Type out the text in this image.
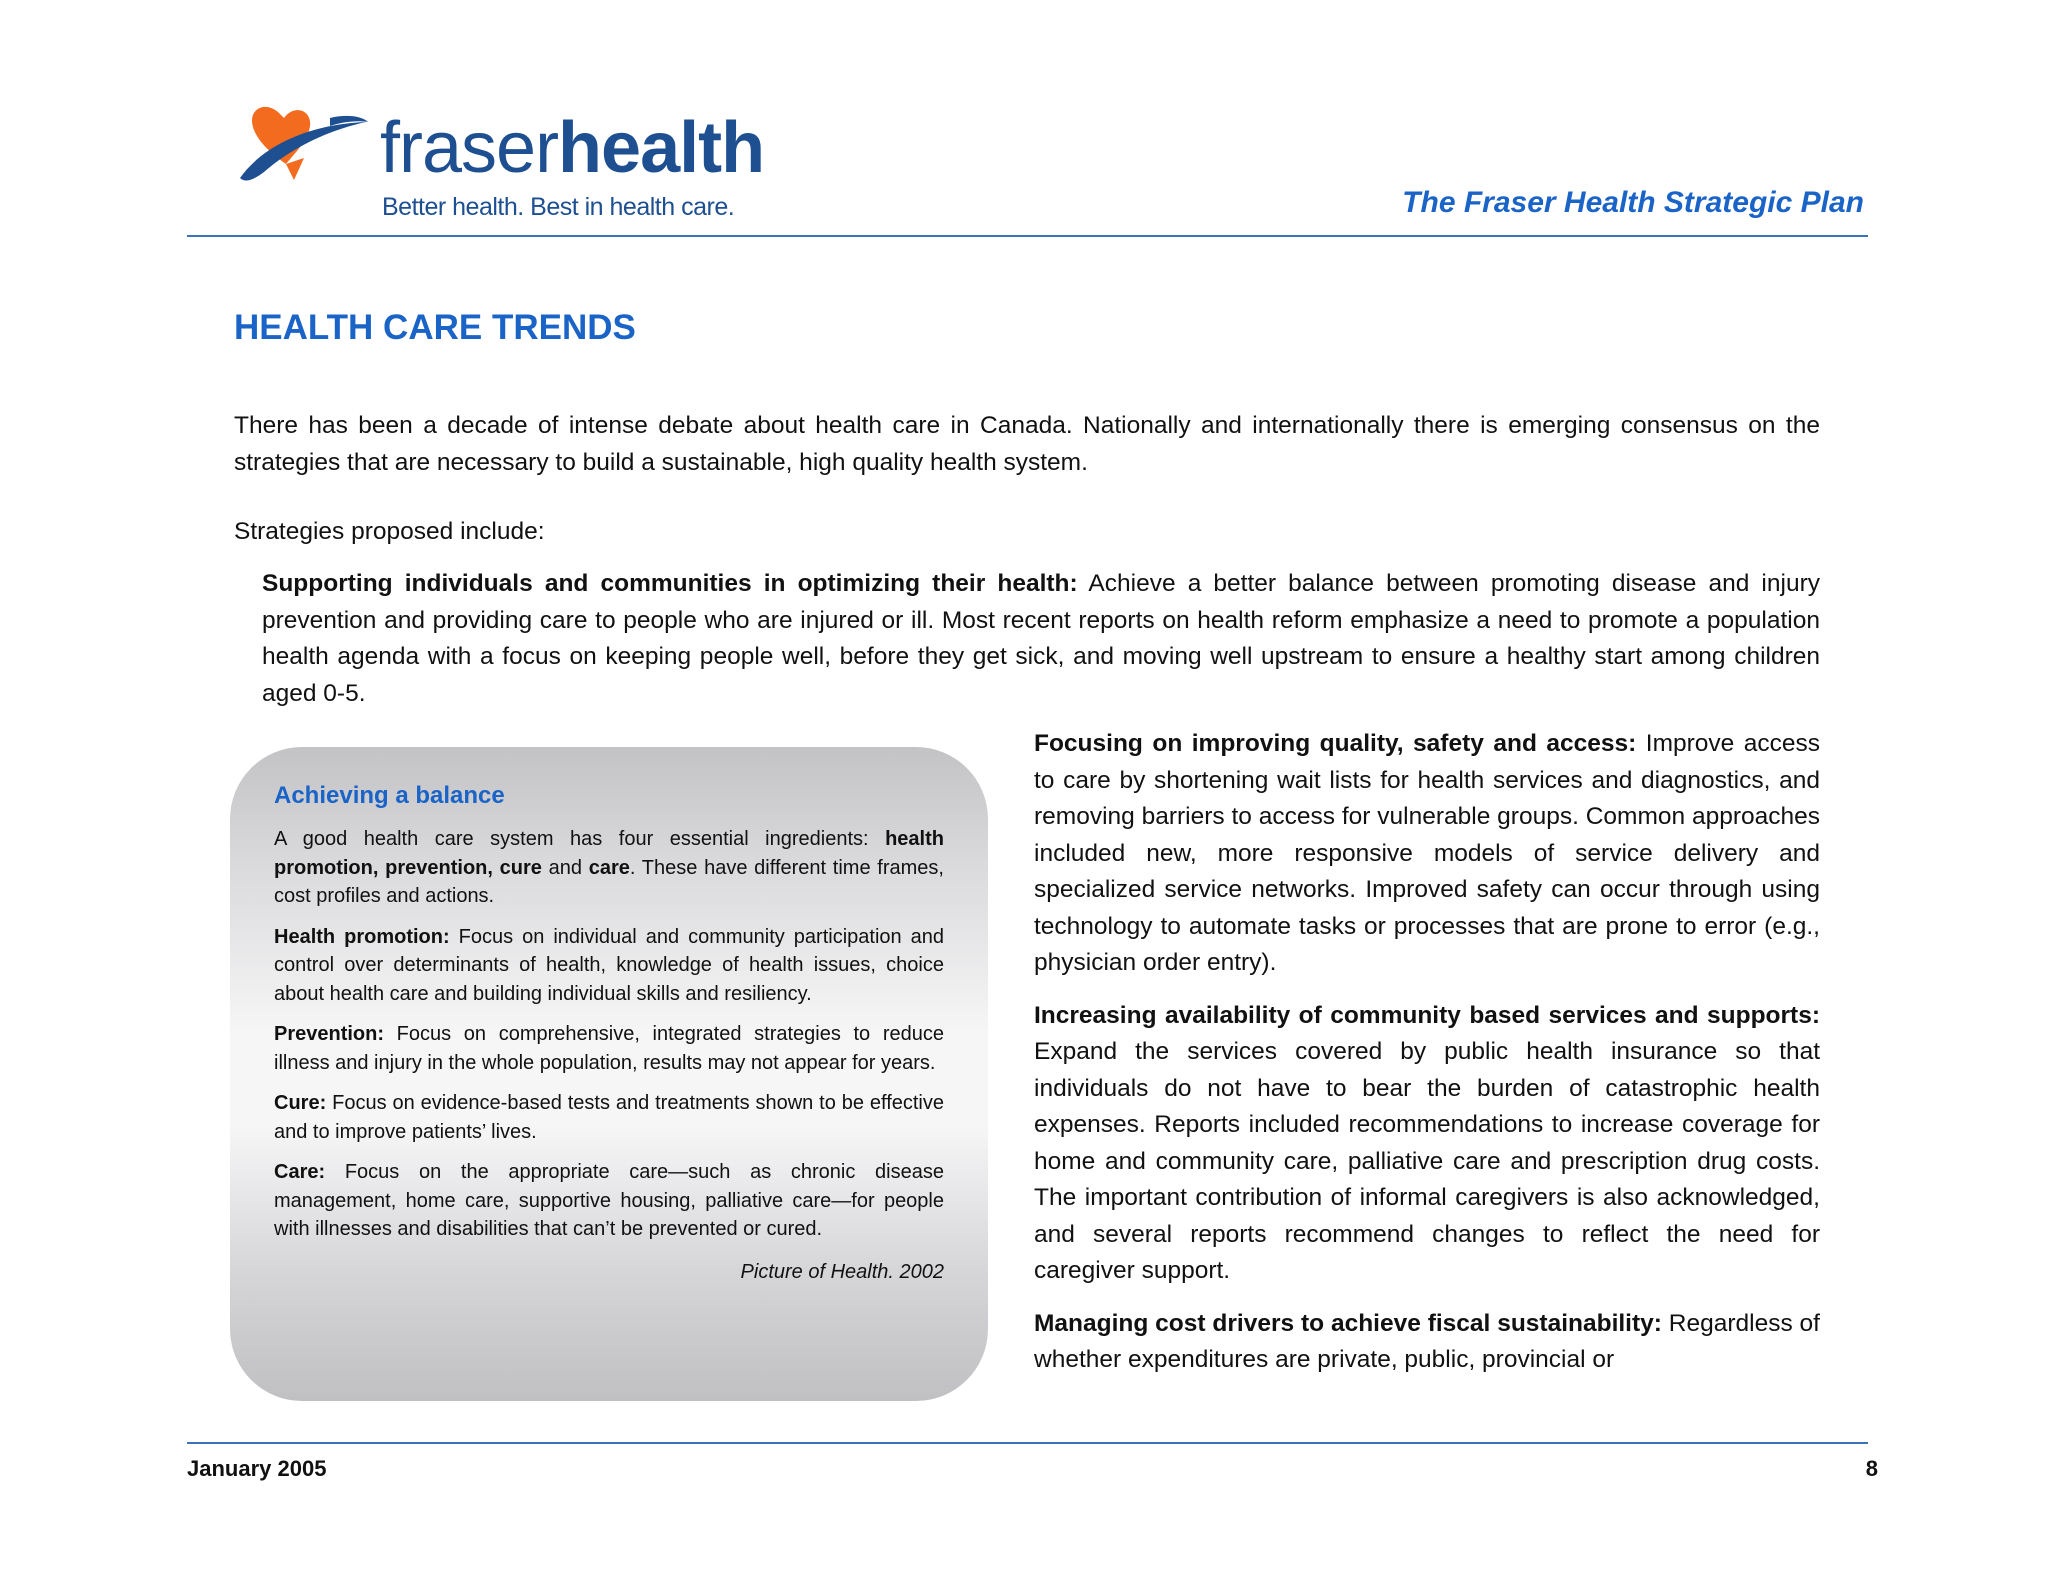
fraserhealth
Better health. Best in health care.	The Fraser Health Strategic Plan
HEALTH CARE TRENDS

There has been a decade of intense debate about health care in Canada. Nationally and internationally there is emerging consensus on the strategies that are necessary to build a sustainable, high quality health system.

Strategies proposed include:

Supporting individuals and communities in optimizing their health: Achieve a better balance between promoting disease and injury prevention and providing care to people who are injured or ill. Most recent reports on health reform emphasize a need to promote a population health agenda with a focus on keeping people well, before they get sick, and moving well upstream to ensure a healthy start among children aged 0-5.

Achieving a balance

A good health care system has four essential ingredients: health promotion, prevention, cure and care. These have different time frames, cost profiles and actions.

Health promotion: Focus on individual and community participation and control over determinants of health, knowledge of health issues, choice about health care and building individual skills and resiliency.

Prevention: Focus on comprehensive, integrated strategies to reduce illness and injury in the whole population, results may not appear for years.

Cure: Focus on evidence-based tests and treatments shown to be effective and to improve patients’ lives.

Care: Focus on the appropriate care—such as chronic disease management, home care, supportive housing, palliative care—for people with illnesses and disabilities that can’t be prevented or cured.

Picture of Health. 2002

Focusing on improving quality, safety and access: Improve access to care by shortening wait lists for health services and diagnostics, and removing barriers to access for vulnerable groups. Common approaches included new, more responsive models of service delivery and specialized service networks. Improved safety can occur through using technology to automate tasks or processes that are prone to error (e.g., physician order entry).

Increasing availability of community based services and supports: Expand the services covered by public health insurance so that individuals do not have to bear the burden of catastrophic health expenses. Reports included recommendations to increase coverage for home and community care, palliative care and prescription drug costs. The important contribution of informal caregivers is also acknowledged, and several reports recommend changes to reflect the need for caregiver support.

Managing cost drivers to achieve fiscal sustainability: Regardless of whether expenditures are private, public, provincial or

January 2005	8
